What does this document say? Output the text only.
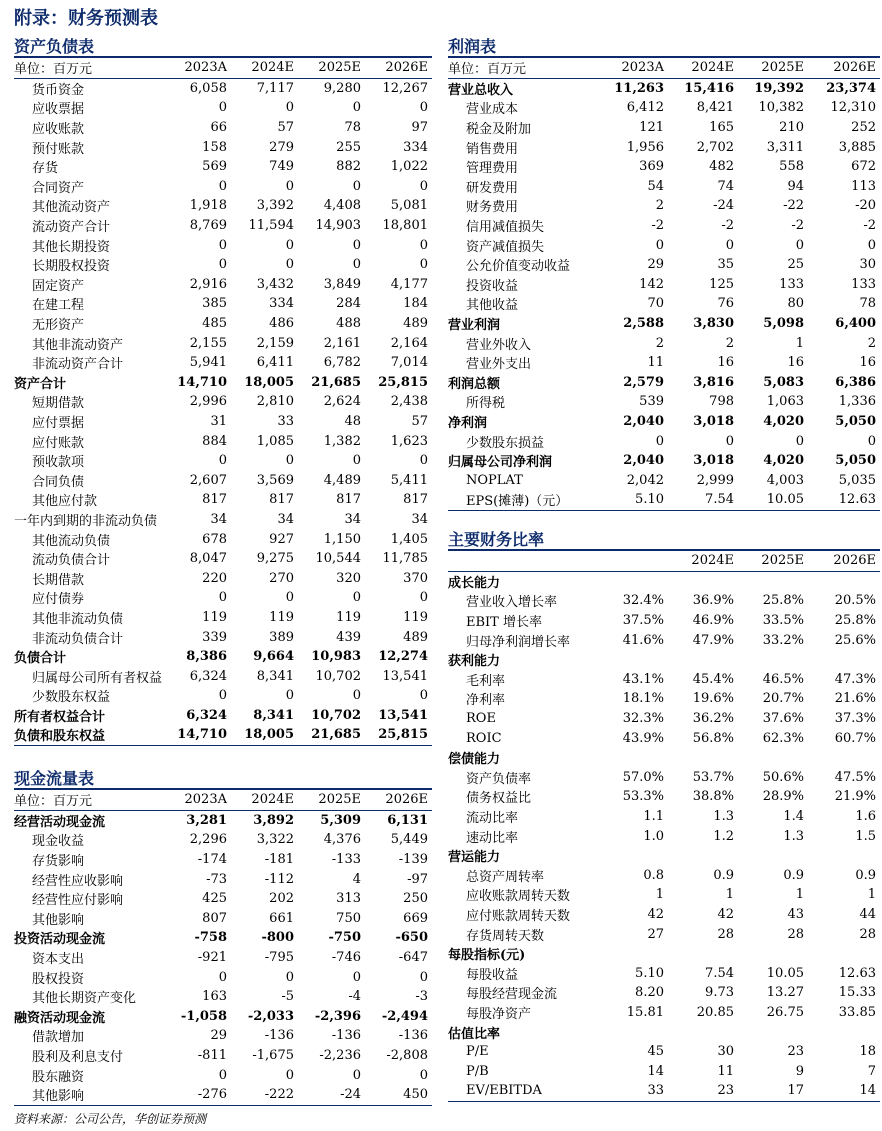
附录：财务预测表
资产负债表
单位：百万元	2023A	2024E	2025E	2026E
货币资金	6,058	7,117	9,280	12,267
应收票据	0	0	0	0
应收账款	66	57	78	97
预付账款	158	279	255	334
存货	569	749	882	1,022
合同资产	0	0	0	0
其他流动资产	1,918	3,392	4,408	5,081
流动资产合计	8,769	11,594	14,903	18,801
其他长期投资	0	0	0	0
长期股权投资	0	0	0	0
固定资产	2,916	3,432	3,849	4,177
在建工程	385	334	284	184
无形资产	485	486	488	489
其他非流动资产	2,155	2,159	2,161	2,164
非流动资产合计	5,941	6,411	6,782	7,014
资产合计	14,710	18,005	21,685	25,815
短期借款	2,996	2,810	2,624	2,438
应付票据	31	33	48	57
应付账款	884	1,085	1,382	1,623
预收款项	0	0	0	0
合同负债	2,607	3,569	4,489	5,411
其他应付款	817	817	817	817
一年内到期的非流动负债	34	34	34	34
其他流动负债	678	927	1,150	1,405
流动负债合计	8,047	9,275	10,544	11,785
长期借款	220	270	320	370
应付债券	0	0	0	0
其他非流动负债	119	119	119	119
非流动负债合计	339	389	439	489
负债合计	8,386	9,664	10,983	12,274
归属母公司所有者权益	6,324	8,341	10,702	13,541
少数股东权益	0	0	0	0
所有者权益合计	6,324	8,341	10,702	13,541
负债和股东权益	14,710	18,005	21,685	25,815
现金流量表
单位：百万元	2023A	2024E	2025E	2026E
经营活动现金流	3,281	3,892	5,309	6,131
现金收益	2,296	3,322	4,376	5,449
存货影响	-174	-181	-133	-139
经营性应收影响	-73	-112	4	-97
经营性应付影响	425	202	313	250
其他影响	807	661	750	669
投资活动现金流	-758	-800	-750	-650
资本支出	-921	-795	-746	-647
股权投资	0	0	0	0
其他长期资产变化	163	-5	-4	-3
融资活动现金流	-1,058	-2,033	-2,396	-2,494
借款增加	29	-136	-136	-136
股利及利息支付	-811	-1,675	-2,236	-2,808
股东融资	0	0	0	0
其他影响	-276	-222	-24	450
利润表
单位：百万元	2023A	2024E	2025E	2026E
营业总收入	11,263	15,416	19,392	23,374
营业成本	6,412	8,421	10,382	12,310
税金及附加	121	165	210	252
销售费用	1,956	2,702	3,311	3,885
管理费用	369	482	558	672
研发费用	54	74	94	113
财务费用	2	-24	-22	-20
信用减值损失	-2	-2	-2	-2
资产减值损失	0	0	0	0
公允价值变动收益	29	35	25	30
投资收益	142	125	133	133
其他收益	70	76	80	78
营业利润	2,588	3,830	5,098	6,400
营业外收入	2	2	1	2
营业外支出	11	16	16	16
利润总额	2,579	3,816	5,083	6,386
所得税	539	798	1,063	1,336
净利润	2,040	3,018	4,020	5,050
少数股东损益	0	0	0	0
归属母公司净利润	2,040	3,018	4,020	5,050
NOPLAT	2,042	2,999	4,003	5,035
EPS(摊薄)（元）	5.10	7.54	10.05	12.63
主要财务比率
		2024E	2025E	2026E
成长能力				
营业收入增长率	32.4%	36.9%	25.8%	20.5%
EBIT 增长率	37.5%	46.9%	33.5%	25.8%
归母净利润增长率	41.6%	47.9%	33.2%	25.6%
获利能力				
毛利率	43.1%	45.4%	46.5%	47.3%
净利率	18.1%	19.6%	20.7%	21.6%
ROE	32.3%	36.2%	37.6%	37.3%
ROIC	43.9%	56.8%	62.3%	60.7%
偿债能力				
资产负债率	57.0%	53.7%	50.6%	47.5%
债务权益比	53.3%	38.8%	28.9%	21.9%
流动比率	1.1	1.3	1.4	1.6
速动比率	1.0	1.2	1.3	1.5
营运能力				
总资产周转率	0.8	0.9	0.9	0.9
应收账款周转天数	1	1	1	1
应付账款周转天数	42	42	43	44
存货周转天数	27	28	28	28
每股指标(元)				
每股收益	5.10	7.54	10.05	12.63
每股经营现金流	8.20	9.73	13.27	15.33
每股净资产	15.81	20.85	26.75	33.85
估值比率				
P/E	45	30	23	18
P/B	14	11	9	7
EV/EBITDA	33	23	17	14
资料来源：公司公告，华创证券预测
